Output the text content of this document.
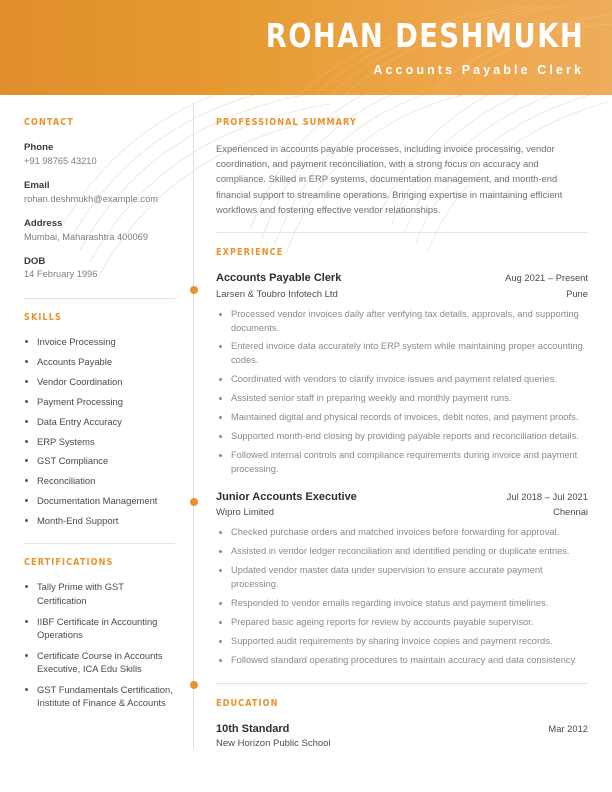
ROHAN DESHMUKH
Accounts Payable Clerk
CONTACT
Phone
+91 98765 43210
Email
rohan.deshmukh@example.com
Address
Mumbai, Maharashtra 400069
DOB
14 February 1996
SKILLS
Invoice Processing
Accounts Payable
Vendor Coordination
Payment Processing
Data Entry Accuracy
ERP Systems
GST Compliance
Reconciliation
Documentation Management
Month-End Support
CERTIFICATIONS
Tally Prime with GST Certification
IIBF Certificate in Accounting Operations
Certificate Course in Accounts Executive, ICA Edu Skills
GST Fundamentals Certification, Institute of Finance & Accounts
PROFESSIONAL SUMMARY

Experienced in accounts payable processes, including invoice processing, vendor coordination, and payment reconciliation, with a strong focus on accuracy and compliance. Skilled in ERP systems, documentation management, and month-end financial support to streamline operations. Bringing expertise in maintaining efficient workflows and fostering effective vendor relationships.

EXPERIENCE
Accounts Payable Clerk	Aug 2021 – Present
Larsen & Toubro Infotech Ltd	Pune
Processed vendor invoices daily after verifying tax details, approvals, and supporting documents.
Entered invoice data accurately into ERP system while maintaining proper accounting codes.
Coordinated with vendors to clarify invoice issues and payment related queries.
Assisted senior staff in preparing weekly and monthly payment runs.
Maintained digital and physical records of invoices, debit notes, and payment proofs.
Supported month-end closing by providing payable reports and reconciliation details.
Followed internal controls and compliance requirements during invoice and payment processing.
Junior Accounts Executive	Jul 2018 – Jul 2021
Wipro Limited	Chennai
Checked purchase orders and matched invoices before forwarding for approval.
Assisted in vendor ledger reconciliation and identified pending or duplicate entries.
Updated vendor master data under supervision to ensure accurate payment processing.
Responded to vendor emails regarding invoice status and payment timelines.
Prepared basic ageing reports for review by accounts payable supervisor.
Supported audit requirements by sharing invoice copies and payment records.
Followed standard operating procedures to maintain accuracy and data consistency.
EDUCATION
10th Standard	Mar 2012
New Horizon Public School
